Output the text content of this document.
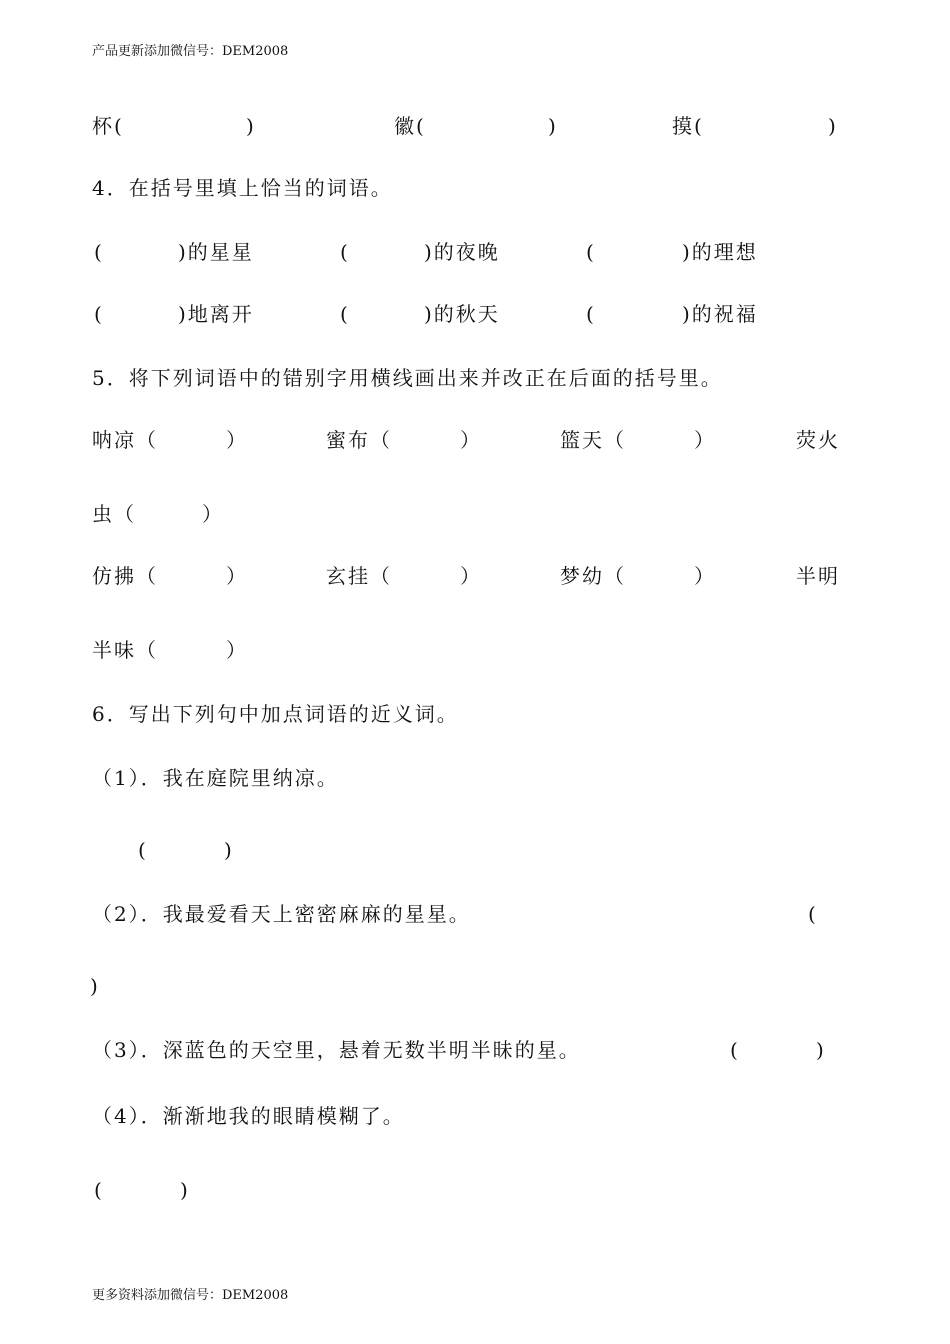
产品更新添加微信号：DEM2008
杯(	)	徽(	)	摸(	)
4．在括号里填上恰当的词语。
(	)的星星	(	)的夜晚	(	)的理想
(	)地离开	(	)的秋天	(	)的祝福
5．将下列词语中的错别字用横线画出来并改正在后面的括号里。
呐凉（	）	蜜布（	）	篮天（	）	荧火
虫（	）
仿拂（	）	玄挂（	）	梦幼（	）	半明
半味（	）
6．写出下列句中加点词语的近义词。
（1）．我在庭院里纳凉。
(	)
（2）．我最爱看天上密密麻麻的星星。	(
)
（3）．深蓝色的天空里，悬着无数半明半昧的星。	(	)
（4）．渐渐地我的眼睛模糊了。
(	)
更多资料添加微信号：DEM2008
